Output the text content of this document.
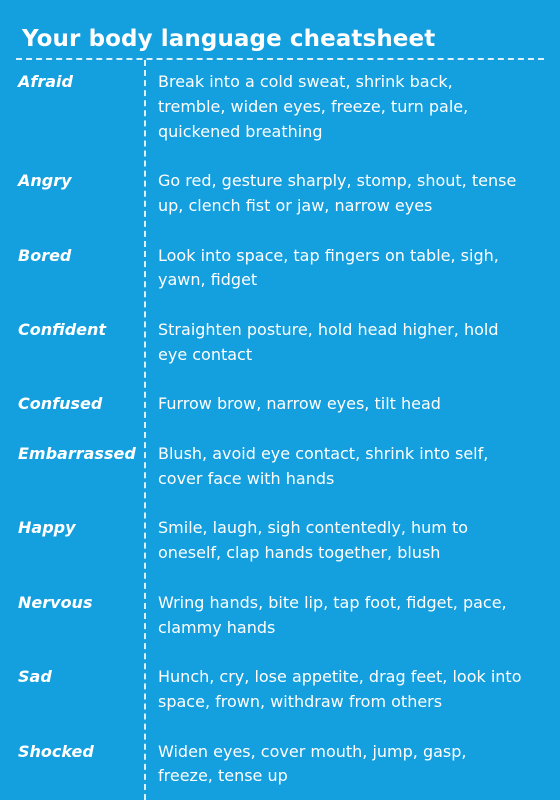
Your body language cheatsheet
Afraid	Break into a cold sweat, shrink back,
tremble, widen eyes, freeze, turn pale,
quickened breathing
Angry	Go red, gesture sharply, stomp, shout, tense
up, clench fist or jaw, narrow eyes
Bored	Look into space, tap fingers on table, sigh,
yawn, fidget
Confident	Straighten posture, hold head higher, hold
eye contact
Confused	Furrow brow, narrow eyes, tilt head
Embarrassed Blush, avoid eye contact, shrink into self,
cover face with hands
Happy	Smile, laugh, sigh contentedly, hum to
oneself, clap hands together, blush
Nervous	Wring hands, bite lip, tap foot, fidget, pace,
clammy hands
Sad	Hunch, cry, lose appetite, drag feet, look into
space, frown, withdraw from others
Shocked	Widen eyes, cover mouth, jump, gasp,
freeze, tense up
